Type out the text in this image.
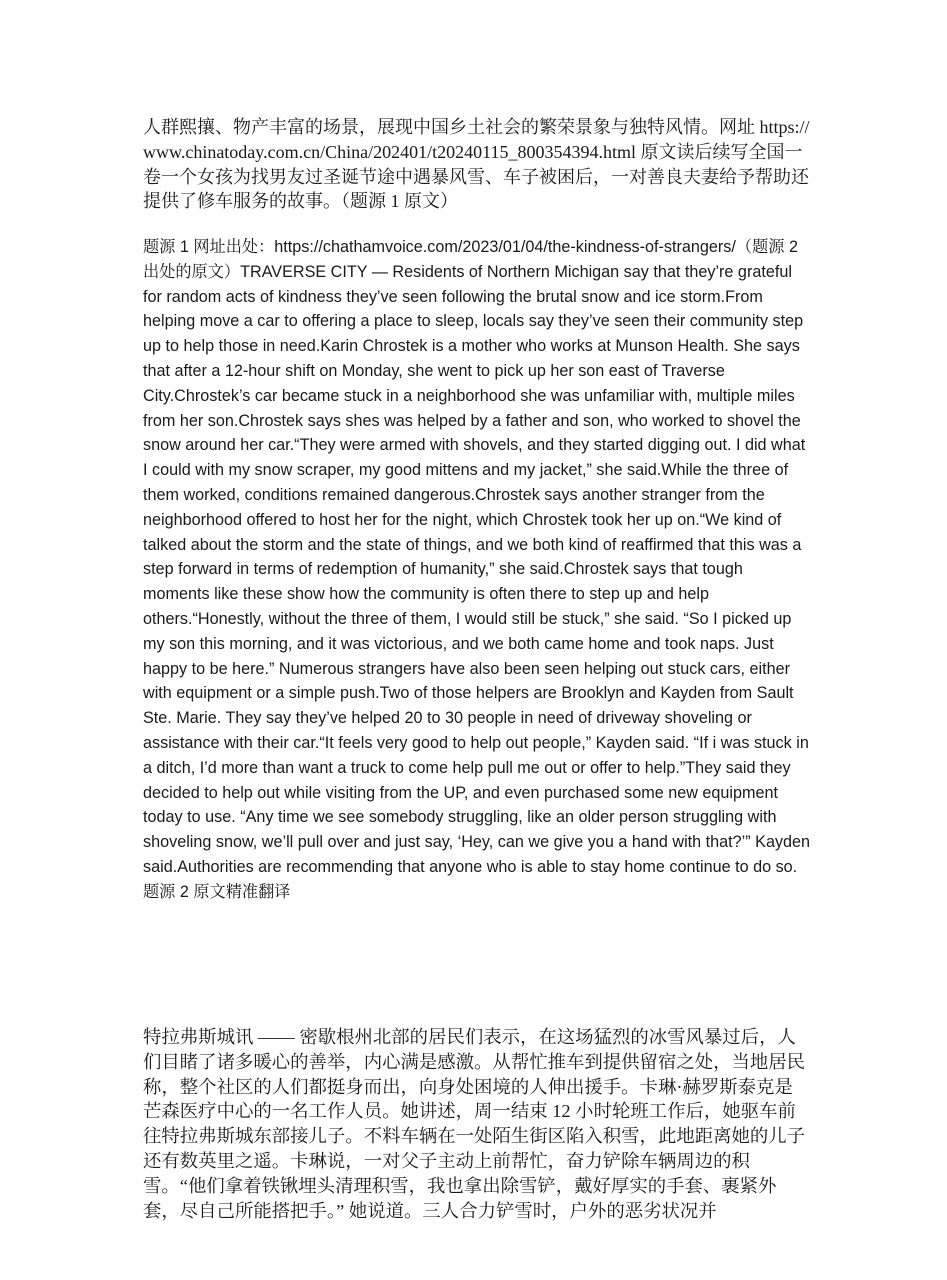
人群熙攘、物产丰富的场景，展现中国乡土社会的繁荣景象与独特风情。网址 https://www.chinatoday.com.cn/China/202401/t20240115_800354394.html 原文读后续写全国一卷一个女孩为找男友过圣诞节途中遇暴风雪、车子被困后，一对善良夫妻给予帮助还提供了修车服务的故事。（题源 1 原文）

题源 1 网址出处：https://chathamvoice.com/2023/01/04/the-kindness-of-strangers/（题源 2 出处的原文）TRAVERSE CITY — Residents of Northern Michigan say that they’re grateful for random acts of kindness they’ve seen following the brutal snow and ice storm.From helping move a car to offering a place to sleep, locals say they’ve seen their community step up to help those in need.Karin Chrostek is a mother who works at Munson Health. She says that after a 12-hour shift on Monday, she went to pick up her son east of Traverse City.Chrostek’s car became stuck in a neighborhood she was unfamiliar with, multiple miles from her son.Chrostek says shes was helped by a father and son, who worked to shovel the snow around her car.“They were armed with shovels, and they started digging out. I did what I could with my snow scraper, my good mittens and my jacket,” she said.While the three of them worked, conditions remained dangerous.Chrostek says another stranger from the neighborhood offered to host her for the night, which Chrostek took her up on.“We kind of talked about the storm and the state of things, and we both kind of reaffirmed that this was a step forward in terms of redemption of humanity,” she said.Chrostek says that tough moments like these show how the community is often there to step up and help others.“Honestly, without the three of them, I would still be stuck,” she said. “So I picked up my son this morning, and it was victorious, and we both came home and took naps. Just happy to be here.” Numerous strangers have also been seen helping out stuck cars, either with equipment or a simple push.Two of those helpers are Brooklyn and Kayden from Sault Ste. Marie. They say they’ve helped 20 to 30 people in need of driveway shoveling or assistance with their car.“It feels very good to help out people,” Kayden said. “If i was stuck in a ditch, I’d more than want a truck to come help pull me out or offer to help.”They said they decided to help out while visiting from the UP, and even purchased some new equipment today to use. “Any time we see somebody struggling, like an older person struggling with shoveling snow, we’ll pull over and just say, ‘Hey, can we give you a hand with that?’” Kayden said.Authorities are recommending that anyone who is able to stay home continue to do so.题源 2 原文精准翻译

特拉弗斯城讯 —— 密歇根州北部的居民们表示，在这场猛烈的冰雪风暴过后，人们目睹了诸多暖心的善举，内心满是感激。从帮忙推车到提供留宿之处，当地居民称，整个社区的人们都挺身而出，向身处困境的人伸出援手。卡琳·赫罗斯泰克是芒森医疗中心的一名工作人员。她讲述，周一结束 12 小时轮班工作后，她驱车前往特拉弗斯城东部接儿子。不料车辆在一处陌生街区陷入积雪，此地距离她的儿子还有数英里之遥。卡琳说，一对父子主动上前帮忙，奋力铲除车辆周边的积雪。“他们拿着铁锹埋头清理积雪，我也拿出除雪铲，戴好厚实的手套、裹紧外套，尽自己所能搭把手。” 她说道。三人合力铲雪时，户外的恶劣状况并
